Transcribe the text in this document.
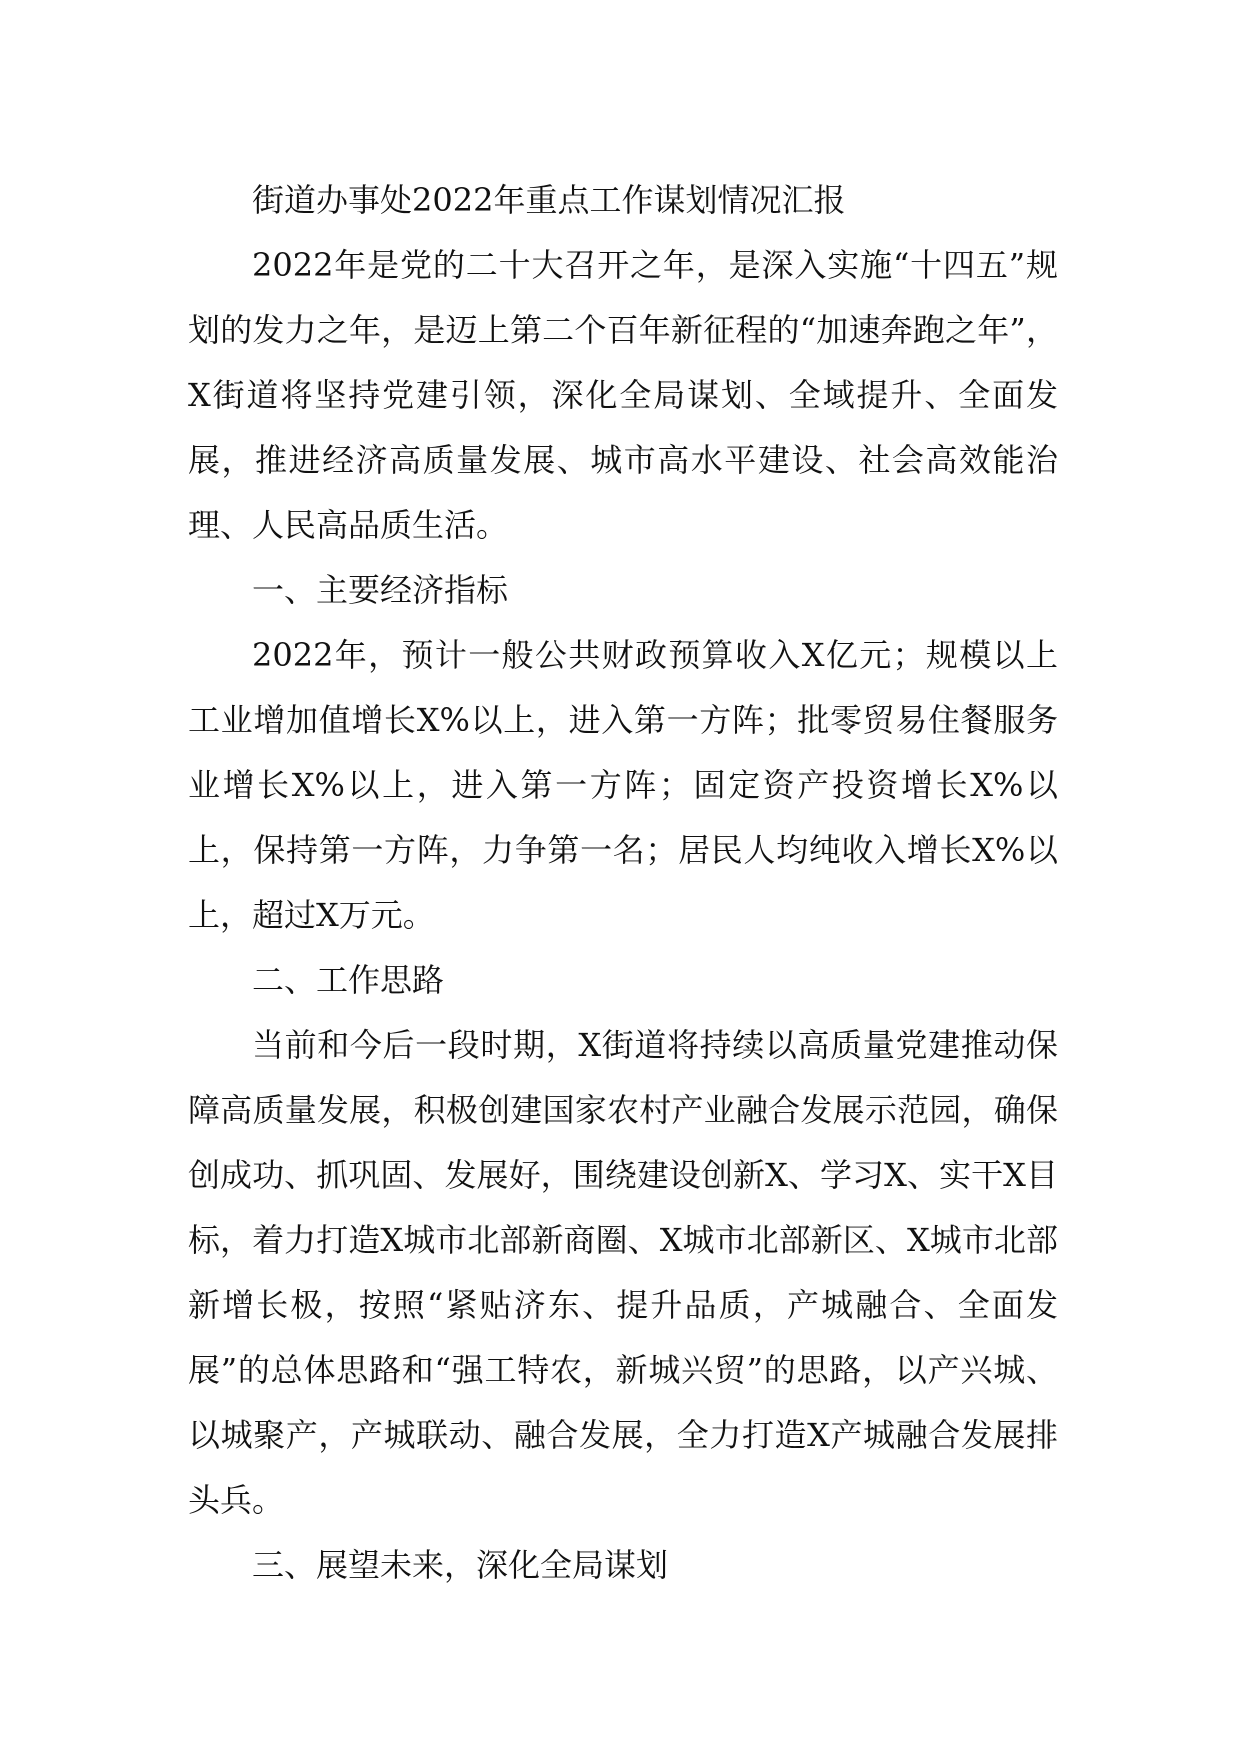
街道办事处2022年重点工作谋划情况汇报

2022年是党的二十大召开之年，是深入实施“十四五”规划的发力之年，是迈上第二个百年新征程的“加速奔跑之年”，X街道将坚持党建引领，深化全局谋划、全域提升、全面发展，推进经济高质量发展、城市高水平建设、社会高效能治理、人民高品质生活。

一、主要经济指标

2022年，预计一般公共财政预算收入X亿元；规模以上工业增加值增长X%以上，进入第一方阵；批零贸易住餐服务业增长X%以上，进入第一方阵；固定资产投资增长X%以上，保持第一方阵，力争第一名；居民人均纯收入增长X%以上，超过X万元。

二、工作思路

当前和今后一段时期，X街道将持续以高质量党建推动保障高质量发展，积极创建国家农村产业融合发展示范园，确保创成功、抓巩固、发展好，围绕建设创新X、学习X、实干X目标，着力打造X城市北部新商圈、X城市北部新区、X城市北部新增长极，按照“紧贴济东、提升品质，产城融合、全面发展”的总体思路和“强工特农，新城兴贸”的思路，以产兴城、以城聚产，产城联动、融合发展，全力打造X产城融合发展排头兵。

三、展望未来，深化全局谋划
